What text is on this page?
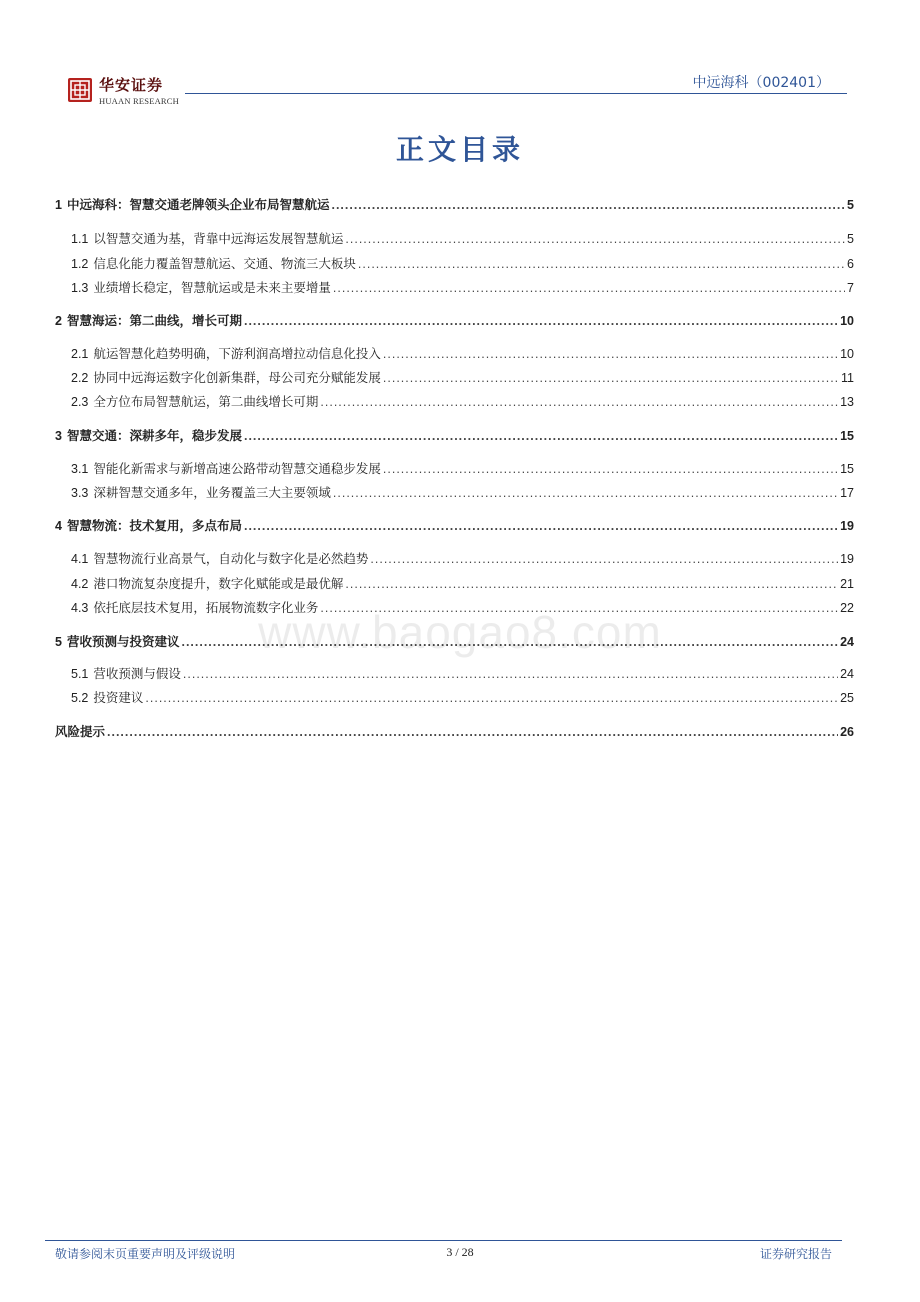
华安证券
HUAAN RESEARCH
中远海科（002401）
正文目录
www.baogao8.com
1 中远海科：智慧交通老牌领头企业布局智慧航运 .....	5
1.1 以智慧交通为基，背靠中远海运发展智慧航运 .....	5
1.2 信息化能力覆盖智慧航运、交通、物流三大板块 .....	6
1.3 业绩增长稳定，智慧航运或是未来主要增量 .....	7
2 智慧海运：第二曲线，增长可期 .....	10
2.1 航运智慧化趋势明确，下游利润高增拉动信息化投入 .....	10
2.2 协同中远海运数字化创新集群，母公司充分赋能发展 .....	11
2.3 全方位布局智慧航运，第二曲线增长可期 .....	13
3 智慧交通：深耕多年，稳步发展 .....	15
3.1 智能化新需求与新增高速公路带动智慧交通稳步发展 .....	15
3.3 深耕智慧交通多年，业务覆盖三大主要领域 .....	17
4 智慧物流：技术复用，多点布局 .....	19
4.1 智慧物流行业高景气，自动化与数字化是必然趋势 .....	19
4.2 港口物流复杂度提升，数字化赋能或是最优解 .....	21
4.3 依托底层技术复用，拓展物流数字化业务 .....	22
5 营收预测与投资建议 .....	24
5.1 营收预测与假设 .....	24
5.2 投资建议 .....	25
风险提示 .....	26
敬请参阅末页重要声明及评级说明	3 / 28	证券研究报告
